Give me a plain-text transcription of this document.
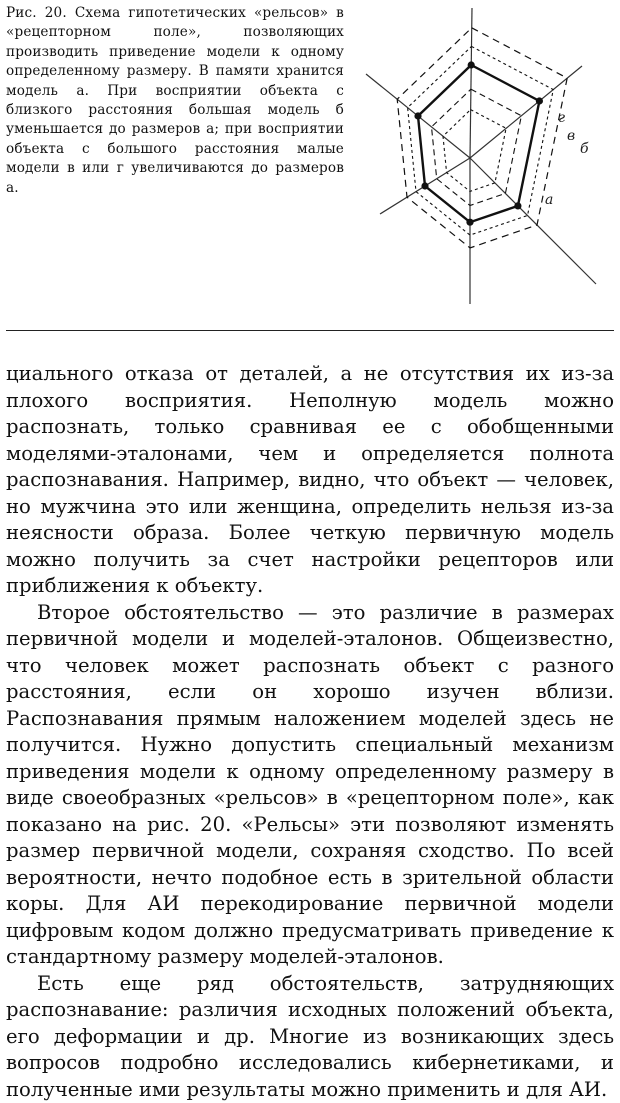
Рис. 20. Схема гипотетических «рельсов» в «рецепторном поле», позволяющих производить приведение модели к одному определенному размеру. В памяти хранится модель а. При восприятии объекта с близкого расстояния большая модель б уменьшается до размеров а; при восприятии объекта с большого расстояния малые модели в или г увеличиваются до размеров а.

г
в
б
а

циального отказа от деталей, а не отсутствия их из-за плохого восприятия. Неполную модель можно распознать, только сравнивая ее с обобщенными моделями-эталонами, чем и определяется полнота распознавания. Например, видно, что объект — человек, но мужчина это или женщина, определить нельзя из-за неясности образа. Более четкую первичную модель можно получить за счет настройки рецепторов или приближения к объекту.

Второе обстоятельство — это различие в размерах первичной модели и моделей-эталонов. Общеизвестно, что человек может распознать объект с разного расстояния, если он хорошо изучен вблизи. Распознавания прямым наложением моделей здесь не получится. Нужно допустить специальный механизм приведения модели к одному определенному размеру в виде своеобразных «рельсов» в «рецепторном поле», как показано на рис. 20. «Рельсы» эти позволяют изменять размер первичной модели, сохраняя сходство. По всей вероятности, нечто подобное есть в зрительной области коры. Для АИ перекодирование первичной модели цифровым кодом должно предусматривать приведение к стандартному размеру моделей-эталонов.

Есть еще ряд обстоятельств, затрудняющих распознавание: различия исходных положений объекта, его деформации и др. Многие из возникающих здесь вопросов подробно исследовались кибернетиками, и полученные ими результаты можно применить и для АИ.
